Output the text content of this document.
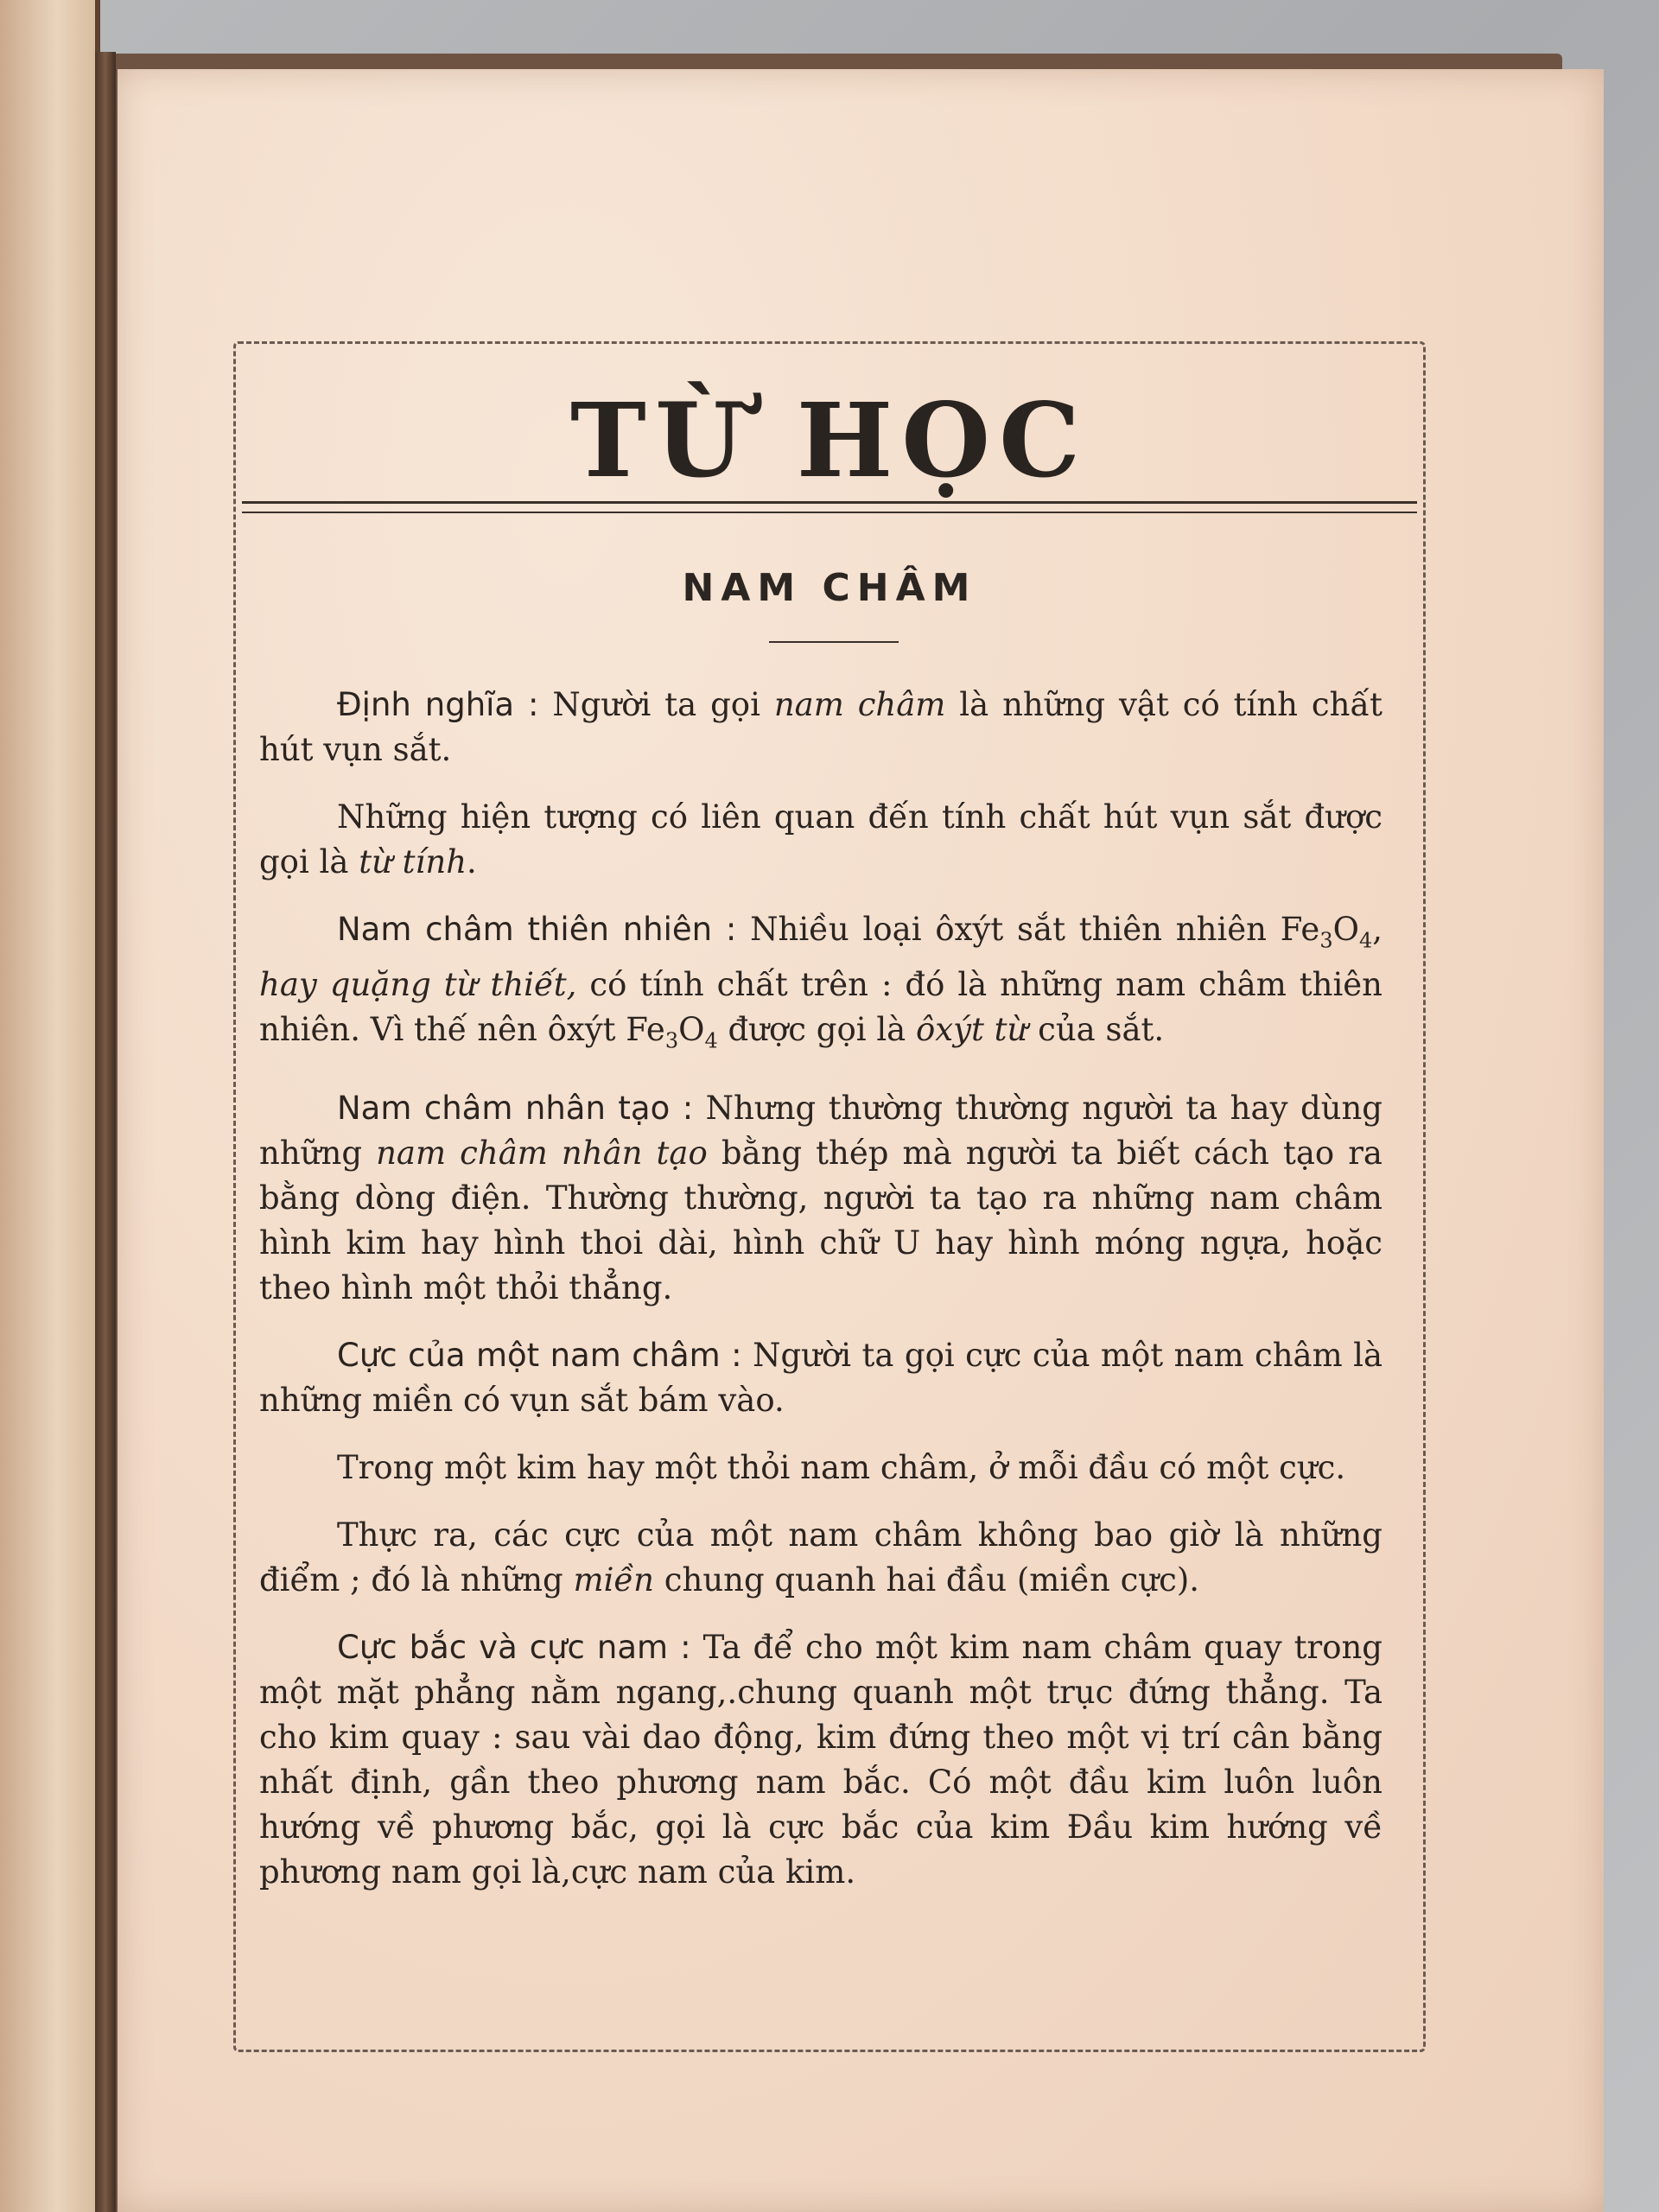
TỪ HỌC
NAM CHÂM

Định nghĩa : Người ta gọi nam châm là những vật có tính chất hút vụn sắt.

Những hiện tượng có liên quan đến tính chất hút vụn sắt được gọi là từ tính.

Nam châm thiên nhiên : Nhiều loại ôxýt sắt thiên nhiên $Fe_3O_4$, hay quặng từ thiết, có tính chất trên : đó là những nam châm thiên nhiên. Vì thế nên ôxýt $Fe_3O_4$ được gọi là ôxýt từ của sắt.

Nam châm nhân tạo : Nhưng thường thường người ta hay dùng những nam châm nhân tạo bằng thép mà người ta biết cách tạo ra bằng dòng điện. Thường thường, người ta tạo ra những nam châm hình kim hay hình thoi dài, hình chữ U hay hình móng ngựa, hoặc theo hình một thỏi thẳng.

Cực của một nam châm : Người ta gọi cực của một nam châm là những miền có vụn sắt bám vào.

Trong một kim hay một thỏi nam châm, ở mỗi đầu có một cực.

Thực ra, các cực của một nam châm không bao giờ là những điểm ; đó là những miền chung quanh hai đầu (miền cực).

Cực bắc và cực nam : Ta để cho một kim nam châm quay trong một mặt phẳng nằm ngang,.chung quanh một trục đứng thẳng. Ta cho kim quay : sau vài dao động, kim đứng theo một vị trí cân bằng nhất định, gần theo phương nam bắc. Có một đầu kim luôn luôn hướng về phương bắc, gọi là cực bắc của kim Đầu kim hướng về phương nam gọi là,cực nam của kim.
